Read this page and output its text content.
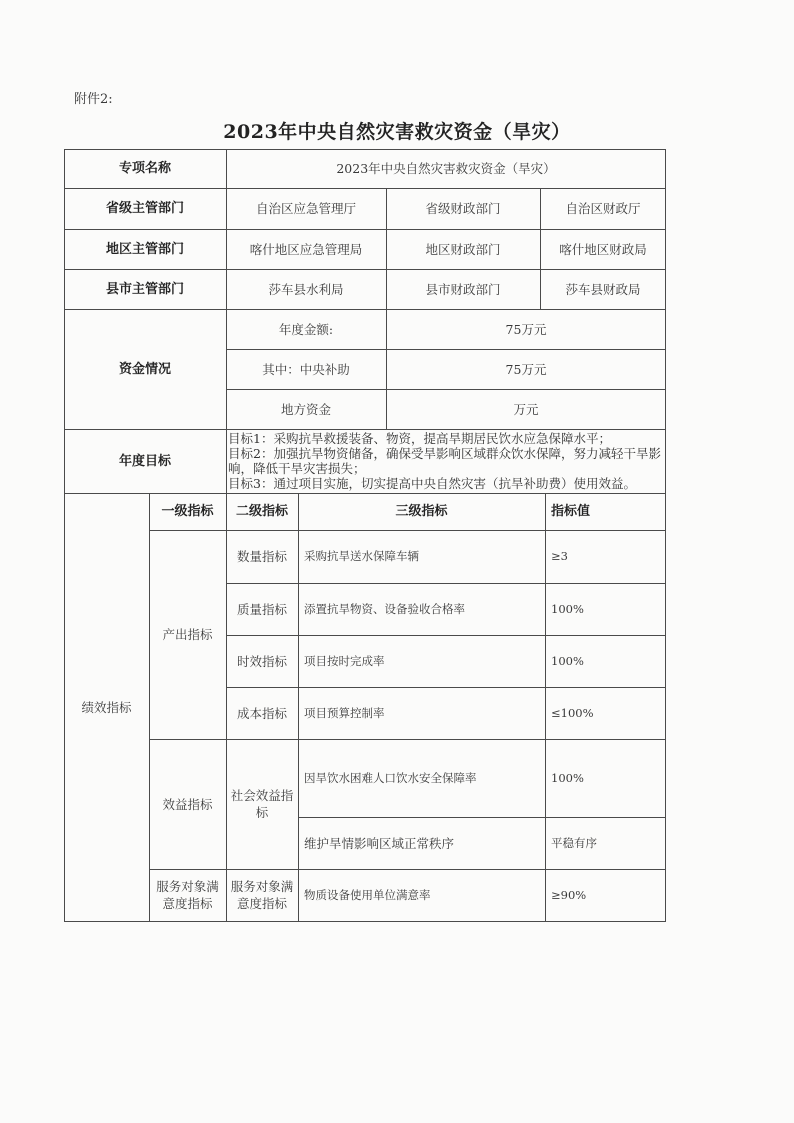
附件2:
2023年中央自然灾害救灾资金（旱灾）
专项名称	2023年中央自然灾害救灾资金（旱灾）
省级主管部门	自治区应急管理厅	省级财政部门	自治区财政厅
地区主管部门	喀什地区应急管理局	地区财政部门	喀什地区财政局
县市主管部门	莎车县水利局	县市财政部门	莎车县财政局
资金情况
年度金额:	75万元
其中：中央补助	75万元
地方资金	万元
年度目标
目标1：采购抗旱救援装备、物资，提高旱期居民饮水应急保障水平；
目标2：加强抗旱物资储备，确保受旱影响区域群众饮水保障，努力减轻干旱影响，降低干旱灾害损失；
目标3：通过项目实施，切实提高中央自然灾害（抗旱补助费）使用效益。
绩效指标
一级指标	二级指标	三级指标	指标值
产出指标
数量指标	采购抗旱送水保障车辆	≥3
质量指标	添置抗旱物资、设备验收合格率	100%
时效指标	项目按时完成率	100%
成本指标	项目预算控制率	≤100%
效益指标
社会效益指标
因旱饮水困难人口饮水安全保障率	100%
维护旱情影响区域正常秩序	平稳有序
服务对象满意度指标
服务对象满意度指标
物质设备使用单位满意率	≥90%
